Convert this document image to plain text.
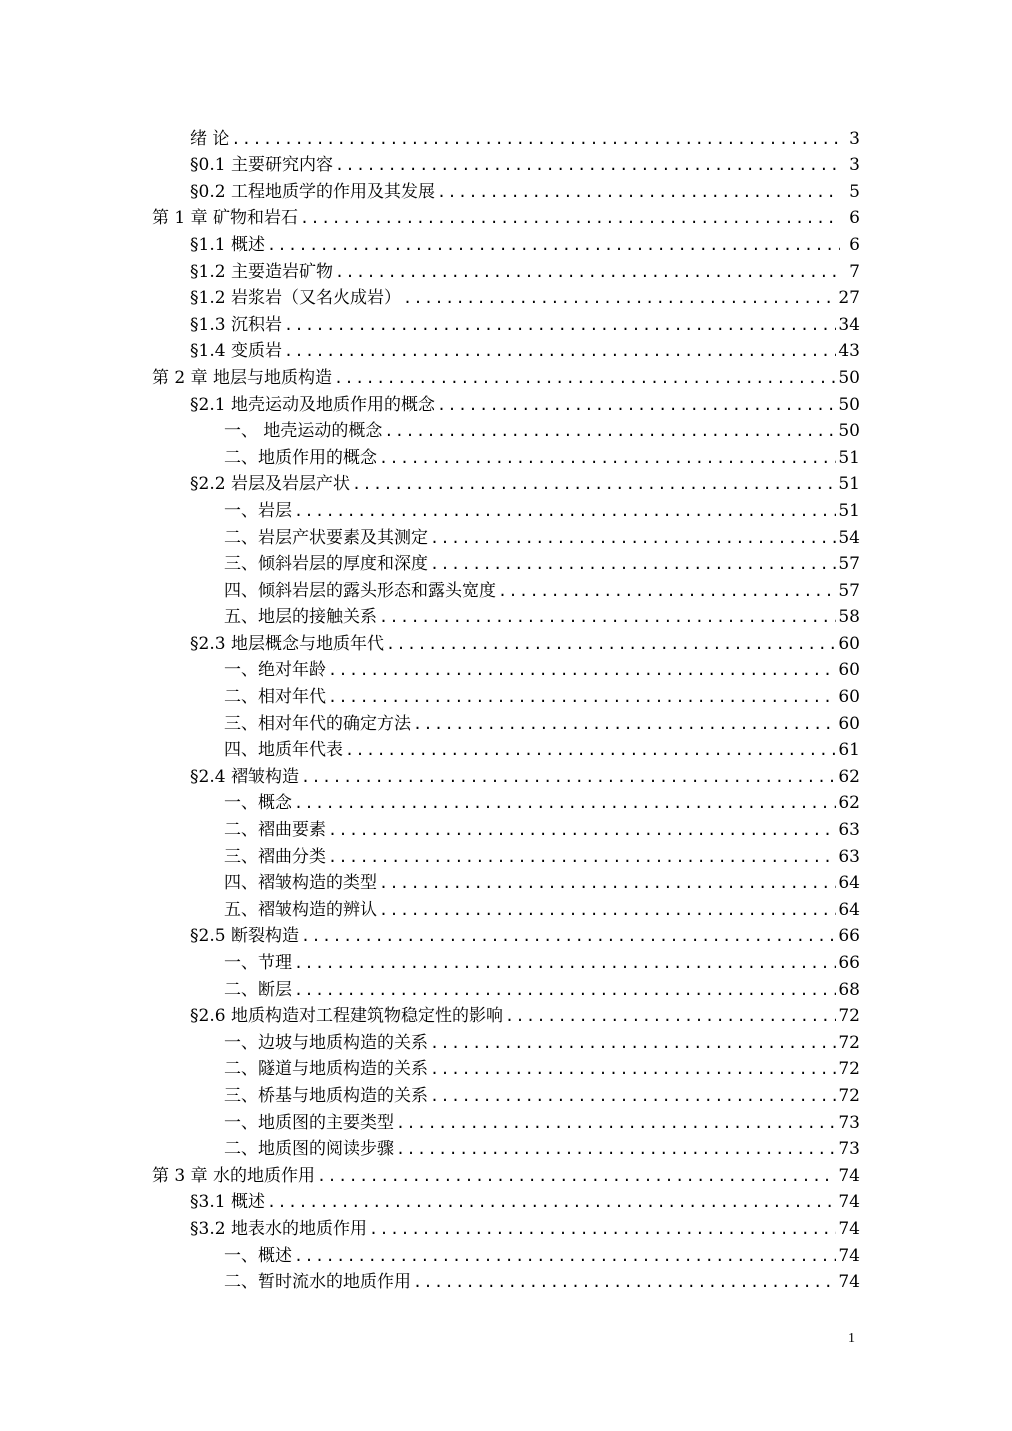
绪 论 .....	3
§0.1 主要研究内容 .....	3
§0.2 工程地质学的作用及其发展 .....	5
第 1 章 矿物和岩石 .....	6
§1.1 概述 .....	6
§1.2 主要造岩矿物 .....	7
§1.2 岩浆岩（又名火成岩） .....	27
§1.3 沉积岩 .....	34
§1.4 变质岩 .....	43
第 2 章 地层与地质构造 .....	50
§2.1 地壳运动及地质作用的概念 .....	50
一、 地壳运动的概念 .....	50
二、地质作用的概念 .....	51
§2.2 岩层及岩层产状 .....	51
一、岩层 .....	51
二、岩层产状要素及其测定 .....	54
三、倾斜岩层的厚度和深度 .....	57
四、倾斜岩层的露头形态和露头宽度 .....	57
五、地层的接触关系 .....	58
§2.3 地层概念与地质年代 .....	60
一、绝对年龄 .....	60
二、相对年代 .....	60
三、相对年代的确定方法 .....	60
四、地质年代表 .....	61
§2.4 褶皱构造 .....	62
一、概念 .....	62
二、褶曲要素 .....	63
三、褶曲分类 .....	63
四、褶皱构造的类型 .....	64
五、褶皱构造的辨认 .....	64
§2.5 断裂构造 .....	66
一、节理 .....	66
二、断层 .....	68
§2.6 地质构造对工程建筑物稳定性的影响 .....	72
一、边坡与地质构造的关系 .....	72
二、隧道与地质构造的关系 .....	72
三、桥基与地质构造的关系 .....	72
一、地质图的主要类型 .....	73
二、地质图的阅读步骤 .....	73
第 3 章 水的地质作用 .....	74
§3.1 概述 .....	74
§3.2 地表水的地质作用 .....	74
一、概述 .....	74
二、暂时流水的地质作用 .....	74
1
